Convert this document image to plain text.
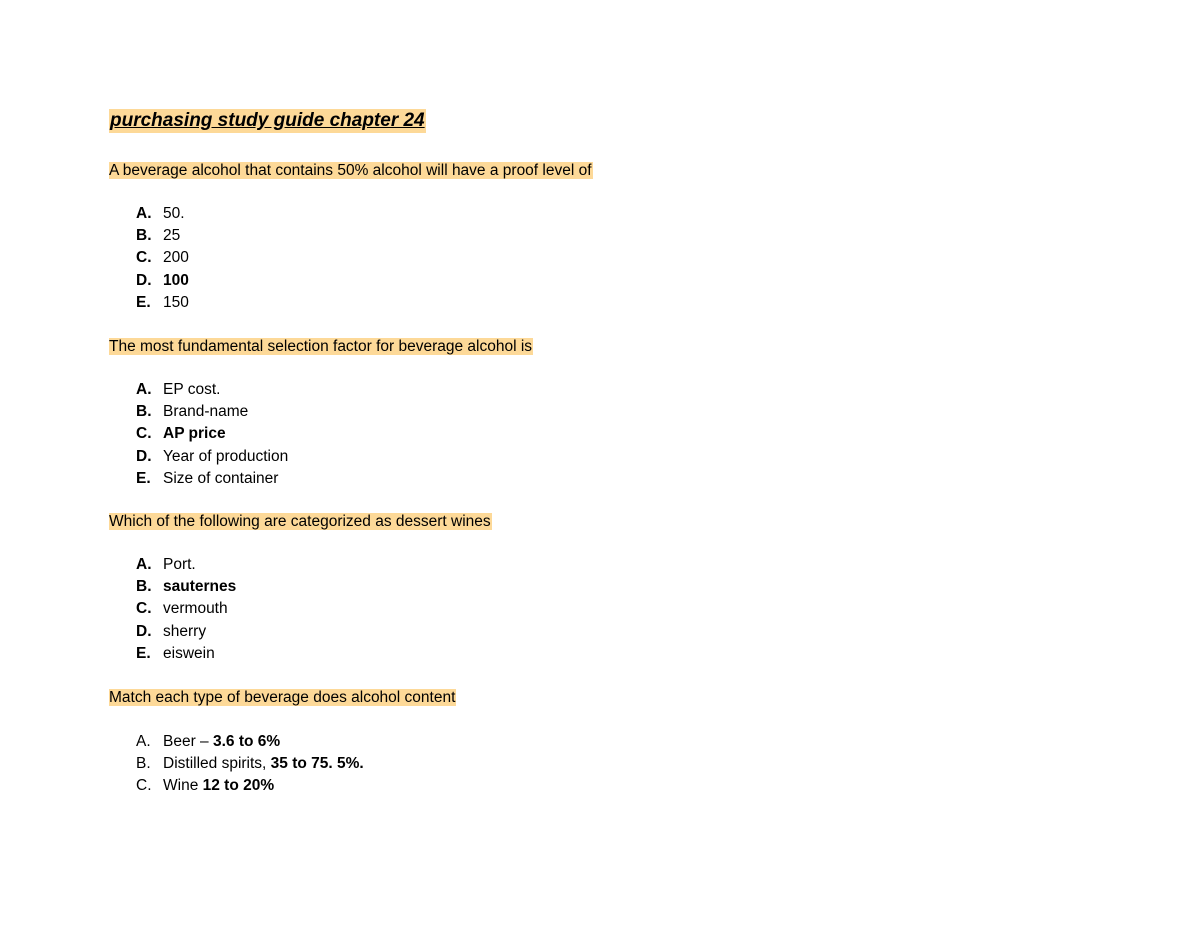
purchasing study guide chapter 24

A beverage alcohol that contains 50% alcohol will have a proof level of

A. 50.
B. 25
C. 200
D. 100
E. 150

The most fundamental selection factor for beverage alcohol is

A. EP cost.
B. Brand-name
C. AP price
D. Year of production
E. Size of container

Which of the following are categorized as dessert wines

A. Port.
B. sauternes
C. vermouth
D. sherry
E. eiswein

Match each type of beverage does alcohol content

A. Beer – 3.6 to 6%
B. Distilled spirits, 35 to 75. 5%.
C. Wine 12 to 20%
